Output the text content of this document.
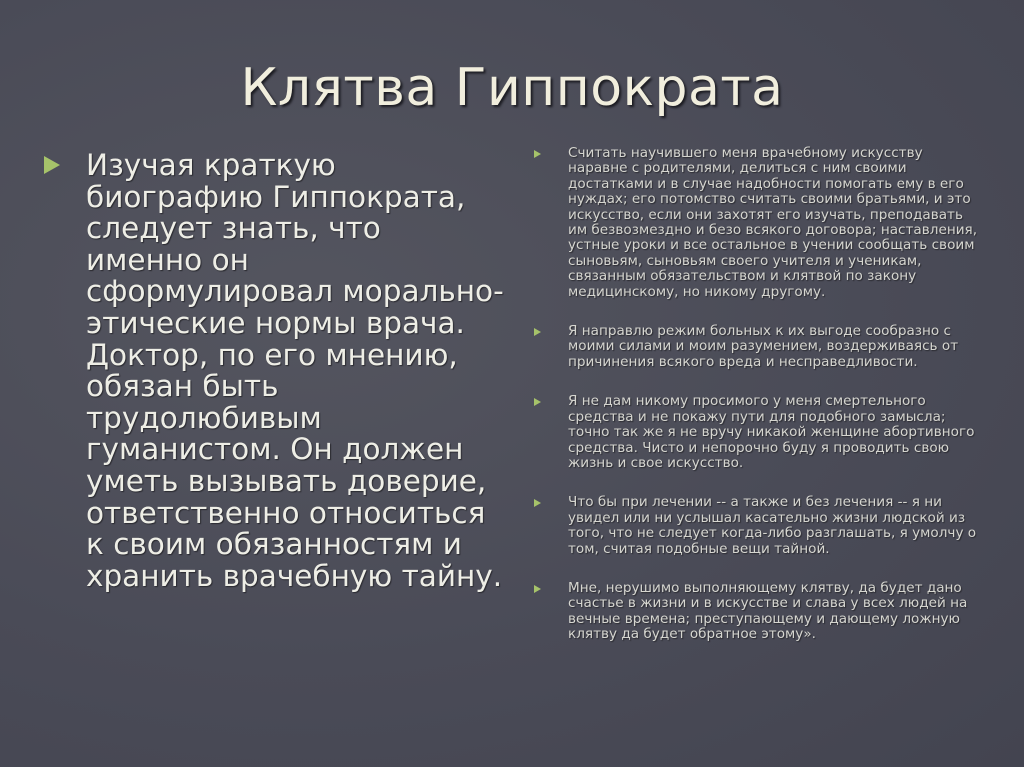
Клятва Гиппократа
Изучая краткую биографию Гиппократа, следует знать, что именно он сформулировал морально-этические нормы врача. Доктор, по его мнению, обязан быть трудолюбивым гуманистом. Он должен уметь вызывать доверие, ответственно относиться к своим обязанностям и хранить врачебную тайну.
Считать научившего меня врачебному искусству наравне с родителями, делиться с ним своими достатками и в случае надобности помогать ему в его нуждах; его потомство считать своими братьями, и это искусство, если они захотят его изучать, преподавать им безвозмездно и безо всякого договора; наставления, устные уроки и все остальное в учении сообщать своим сыновьям, сыновьям своего учителя и ученикам, связанным обязательством и клятвой по закону медицинскому, но никому другому.
Я направлю режим больных к их выгоде сообразно с моими силами и моим разумением, воздерживаясь от причинения всякого вреда и несправедливости.
Я не дам никому просимого у меня смертельного средства и не покажу пути для подобного замысла; точно так же я не вручу никакой женщине абортивного средства. Чисто и непорочно буду я проводить свою жизнь и свое искусство.
Что бы при лечении -- а также и без лечения -- я ни увидел или ни услышал касательно жизни людской из того, что не следует когда-либо разглашать, я умолчу о том, считая подобные вещи тайной.
Мне, нерушимо выполняющему клятву, да будет дано счастье в жизни и в искусстве и слава у всех людей на вечные времена; преступающему и дающему ложную клятву да будет обратное этому».
